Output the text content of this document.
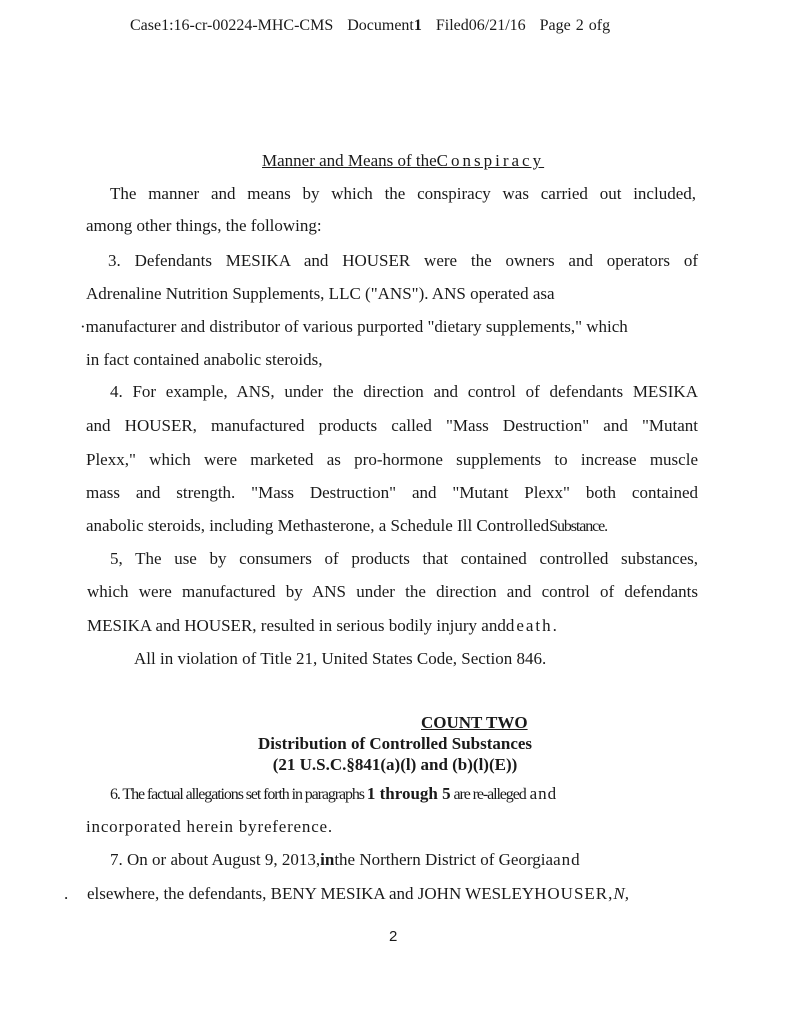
Case1:16-cr-00224-MHC-CMS Document1 Filed06/21/16 Page 2 ofg
Manner and Means of theConspiracy
The manner and means by which the conspiracy was carried out included,
among other things, the following:
3. Defendants MESIKA and HOUSER were the owners and operators of
Adrenaline Nutrition Supplements, LLC ("ANS"). ANS operated asa
·manufacturer and distributor of various purported "dietary supplements," which
in fact contained anabolic steroids,
4. For example, ANS, under the direction and control of defendants MESIKA
and HOUSER, manufactured products called "Mass Destruction" and "Mutant
Plexx," which were marketed as pro-hormone supplements to increase muscle
mass and strength. "Mass Destruction" and "Mutant Plexx" both contained
anabolic steroids, including Methasterone, a Schedule Ill ControlledSubstance.
5, The use by consumers of products that contained controlled substances,
which were manufactured by ANS under the direction and control of defendants
MESIKA and HOUSER, resulted in serious bodily injury anddeath.
All in violation of Title 21, United States Code, Section 846.
COUNT TWO
Distribution of Controlled Substances
(21 U.S.C.§841(a)(l) and (b)(l)(E))
6. The factual allegations set forth in paragraphs 1 through 5 are re-alleged and
incorporated herein byreference.
7. On or about August 9, 2013,inthe Northern District of Georgiaand
. elsewhere, the defendants, BENY MESIKA and JOHN WESLEYHOUSER,N,
2
